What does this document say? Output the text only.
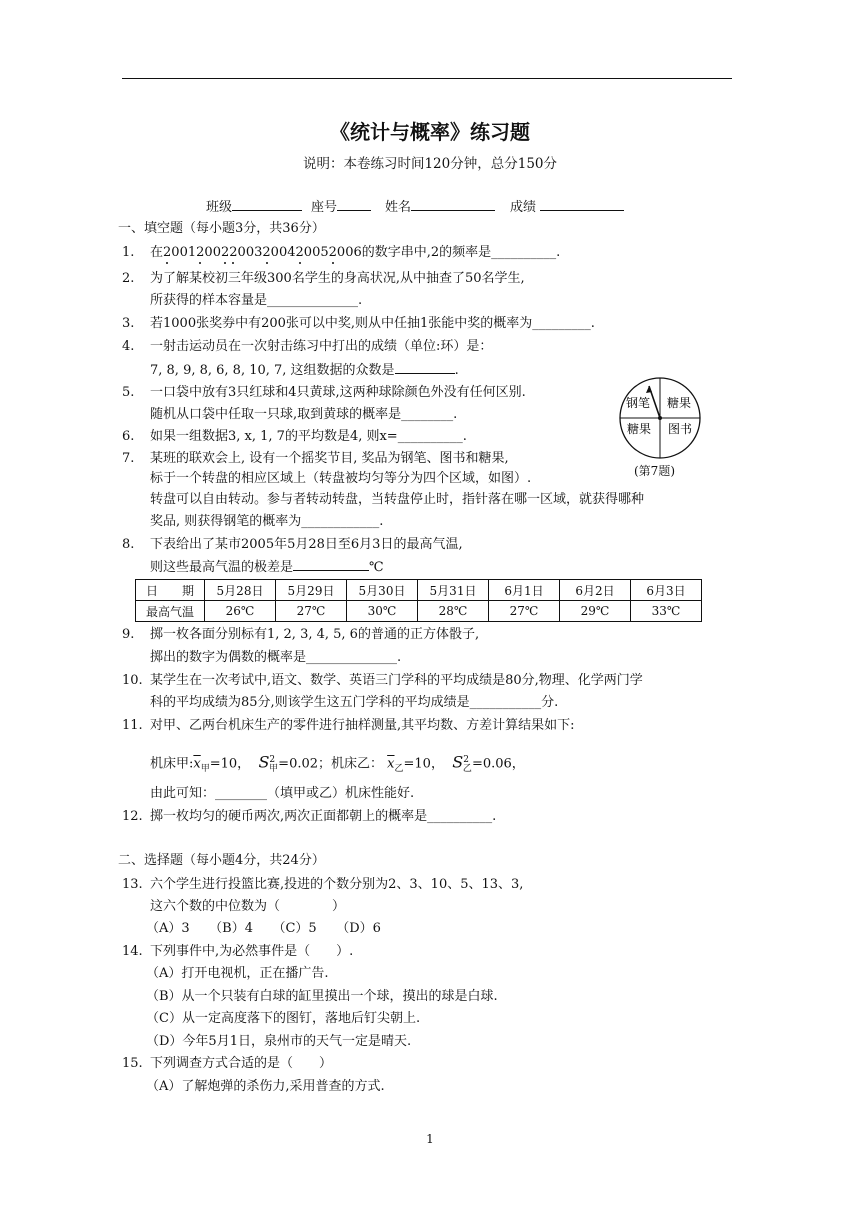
《统计与概率》练习题
说明：本卷练习时间120分钟，总分150分
班级	座号	姓名	成绩
一、填空题（每小题3分，共36分）
1. 在200120022003200420052006的数字串中,2的频率是__________.
2. 为了解某校初三年级300名学生的身高状况,从中抽查了50名学生,
所获得的样本容量是______________.
3. 若1000张奖券中有200张可以中奖,则从中任抽1张能中奖的概率为_________.
4. 一射击运动员在一次射击练习中打出的成绩（单位:环）是：
7, 8, 9, 8, 6, 8, 10, 7, 这组数据的众数是	.
5. 一口袋中放有3只红球和4只黄球,这两种球除颜色外没有任何区别.
随机从口袋中任取一只球,取到黄球的概率是________.
6. 如果一组数据3, x, 1, 7的平均数是4, 则x=__________.
7. 某班的联欢会上, 设有一个摇奖节目, 奖品为钢笔、图书和糖果,
标于一个转盘的相应区域上（转盘被均匀等分为四个区域，如图）.
转盘可以自由转动。参与者转动转盘，当转盘停止时，指针落在哪一区域，就获得哪种
奖品, 则获得钢笔的概率为____________.
钢笔 糖果
糖果 图书
(第7题)
8. 下表给出了某市2005年5月28日至6月3日的最高气温,
则这些最高气温的极差是	℃
日　　期	5月28日	5月29日	5月30日	5月31日	6月1日	6月2日	6月3日
最高气温	26℃	27℃	30℃	28℃	27℃	29℃	33℃
9. 掷一枚各面分别标有1, 2, 3, 4, 5, 6的普通的正方体骰子,
掷出的数字为偶数的概率是______________.
10. 某学生在一次考试中,语文、数学、英语三门学科的平均成绩是80分,物理、化学两门学
科的平均成绩为85分,则该学生这五门学科的平均成绩是___________分.
11. 对甲、乙两台机床生产的零件进行抽样测量,其平均数、方差计算结果如下:
机床甲$:\overline{x}_甲=10$， $S^2_甲=0.02$；机床乙： $\overline{x}_乙=10$， $S^2_乙=0.06$，
由此可知：________（填甲或乙）机床性能好.
12. 掷一枚均匀的硬币两次,两次正面都朝上的概率是__________.
二、选择题（每小题4分，共24分）
13. 六个学生进行投篮比赛,投进的个数分别为2、3、10、5、13、3,
这六个数的中位数为（　　　　）
（A）3　　（B）4　　（C）5　　（D）6
14. 下列事件中,为必然事件是（　　）.
（A）打开电视机，正在播广告.
（B）从一个只装有白球的缸里摸出一个球，摸出的球是白球.
（C）从一定高度落下的图钉，落地后钉尖朝上.
（D）今年5月1日，泉州市的天气一定是晴天.
15. 下列调查方式合适的是（　　）
（A）了解炮弹的杀伤力,采用普查的方式.
1
